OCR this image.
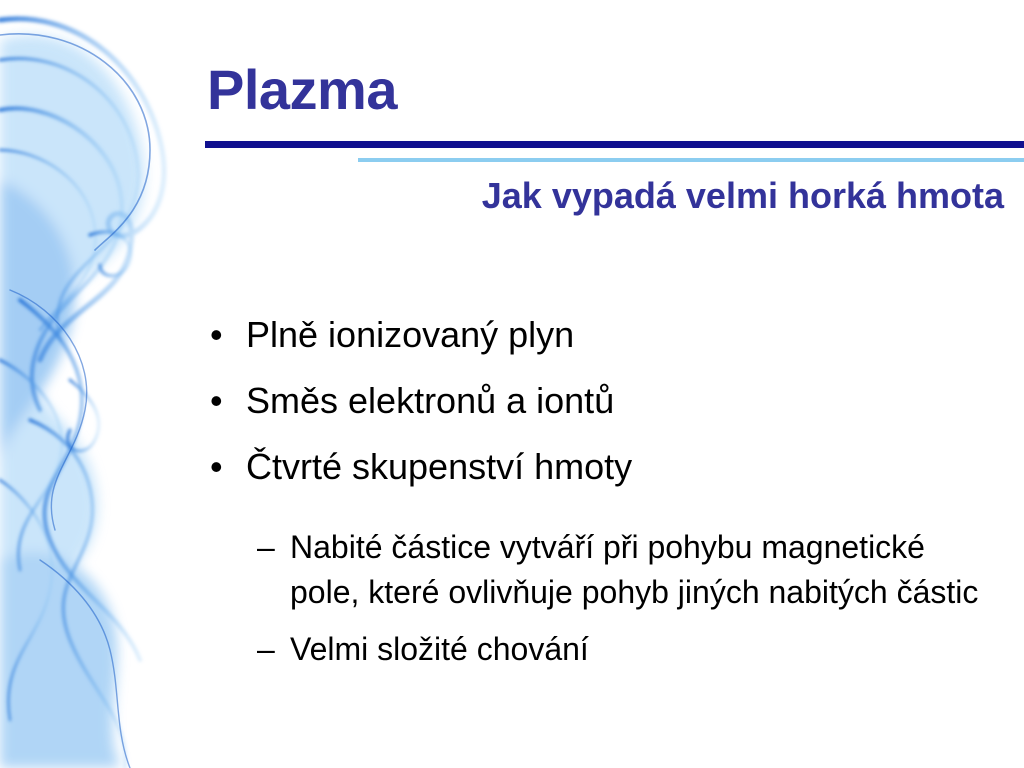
Plazma
Jak vypadá velmi horká hmota
• Plně ionizovaný plyn
• Směs elektronů a iontů
• Čtvrté skupenství hmoty
– Nabité částice vytváří při pohybu magnetické pole, které ovlivňuje pohyb jiných nabitých částic
– Velmi složité chování
